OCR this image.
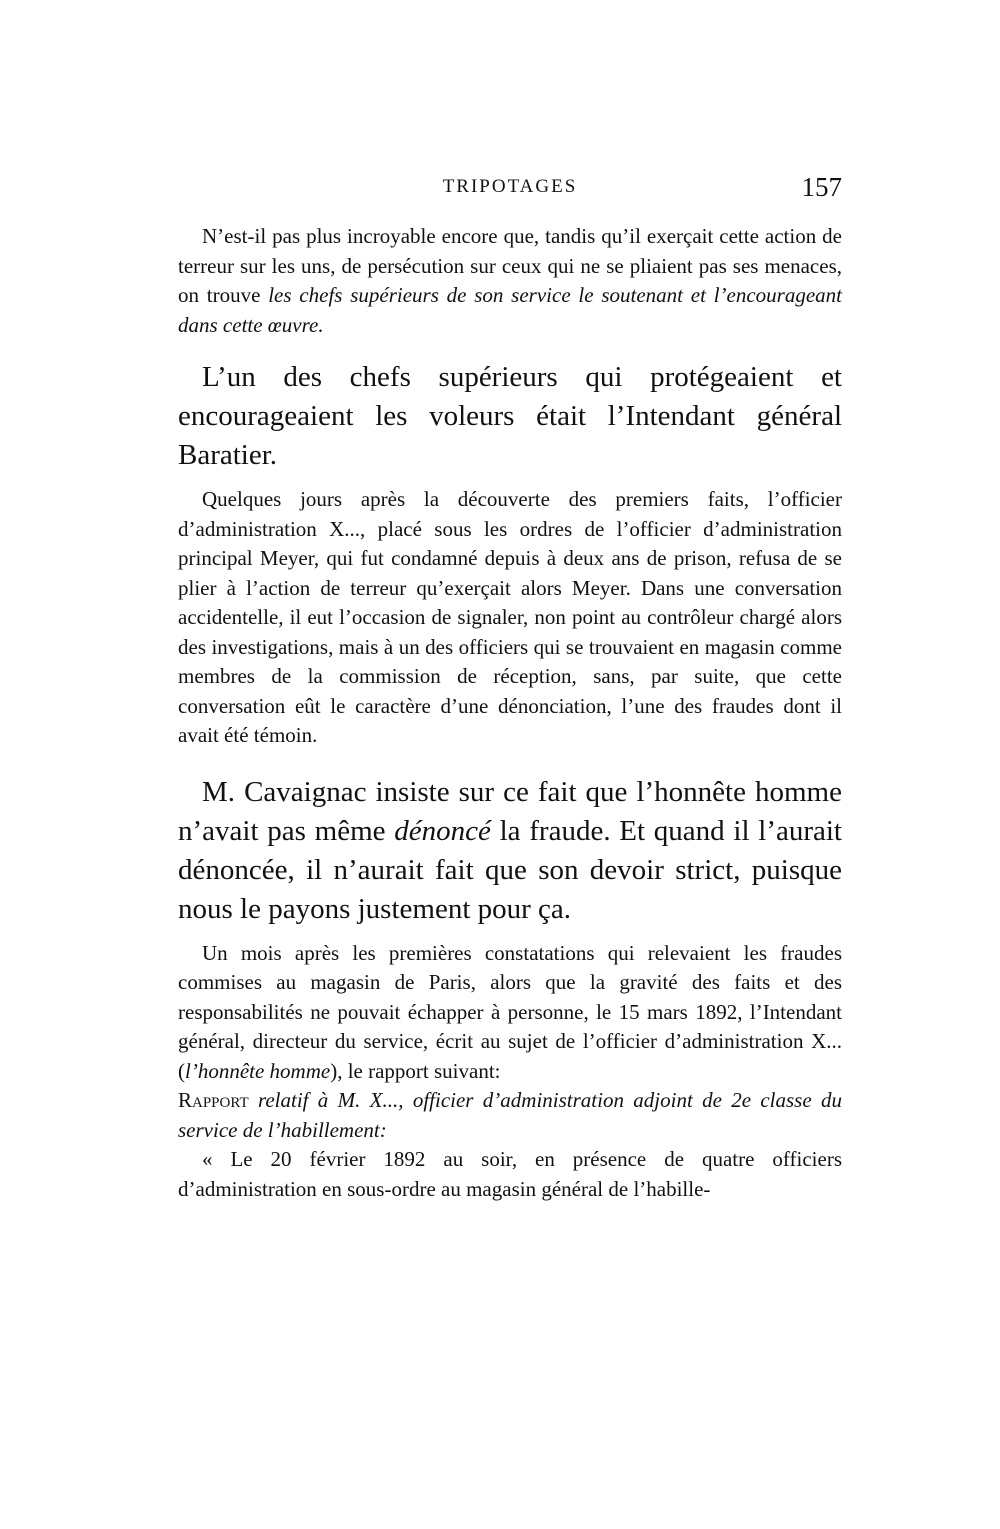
TRIPOTAGES	157

N’est-il pas plus incroyable encore que, tandis qu’il exerçait cette action de terreur sur les uns, de persécution sur ceux qui ne se pliaient pas ses menaces, on trouve les chefs supérieurs de son service le soutenant et l’encourageant dans cette œuvre.

L’un des chefs supérieurs qui protégeaient et encourageaient les voleurs était l’Intendant général Baratier.

Quelques jours après la découverte des premiers faits, l’officier d’administration X..., placé sous les ordres de l’officier d’administration principal Meyer, qui fut condamné depuis à deux ans de prison, refusa de se plier à l’action de terreur qu’exerçait alors Meyer. Dans une conversation accidentelle, il eut l’occasion de signaler, non point au contrôleur chargé alors des investigations, mais à un des officiers qui se trouvaient en magasin comme membres de la commission de réception, sans, par suite, que cette conversation eût le caractère d’une dénonciation, l’une des fraudes dont il avait été témoin.

M. Cavaignac insiste sur ce fait que l’honnête homme n’avait pas même dénoncé la fraude. Et quand il l’aurait dénoncée, il n’aurait fait que son devoir strict, puisque nous le payons justement pour ça.

Un mois après les premières constatations qui relevaient les fraudes commises au magasin de Paris, alors que la gravité des faits et des responsabilités ne pouvait échapper à personne, le 15 mars 1892, l’Intendant général, directeur du service, écrit au sujet de l’officier d’administration X... (l’honnête homme), le rapport suivant:

Rapport relatif à M. X..., officier d’administration adjoint de 2e classe du service de l’habillement:

« Le 20 février 1892 au soir, en présence de quatre officiers d’administration en sous-ordre au magasin général de l’habille-
